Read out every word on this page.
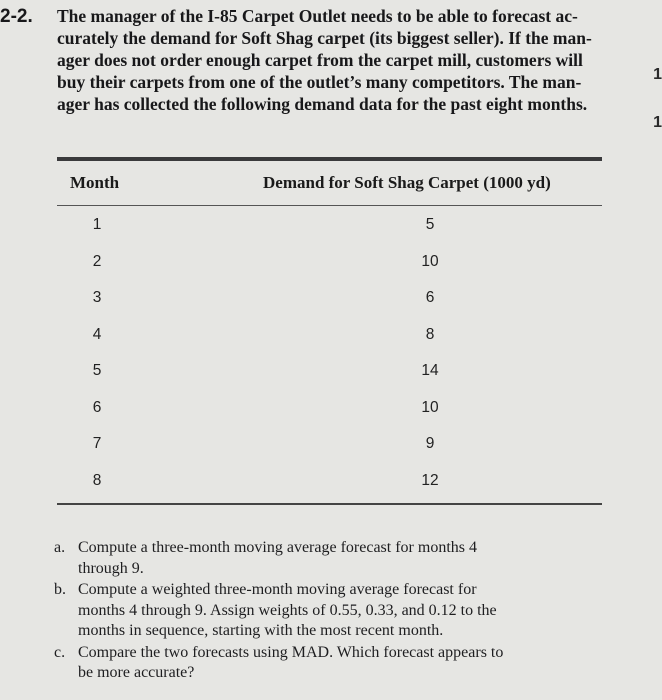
2-2. The manager of the I-85 Carpet Outlet needs to be able to forecast ac-
curately the demand for Soft Shag carpet (its biggest seller). If the man-
ager does not order enough carpet from the carpet mill, customers will
buy their carpets from one of the outlet’s many competitors. The man-
ager has collected the following demand data for the past eight months.

1
1
Month	Demand for Soft Shag Carpet (1000 yd)
1	5
2	10
3	6
4	8
5	14
6	10
7	9
8	12
a. Compute a three-month moving average forecast for months 4
through 9.
b. Compute a weighted three-month moving average forecast for
months 4 through 9. Assign weights of 0.55, 0.33, and 0.12 to the
months in sequence, starting with the most recent month.
c. Compare the two forecasts using MAD. Which forecast appears to
be more accurate?
